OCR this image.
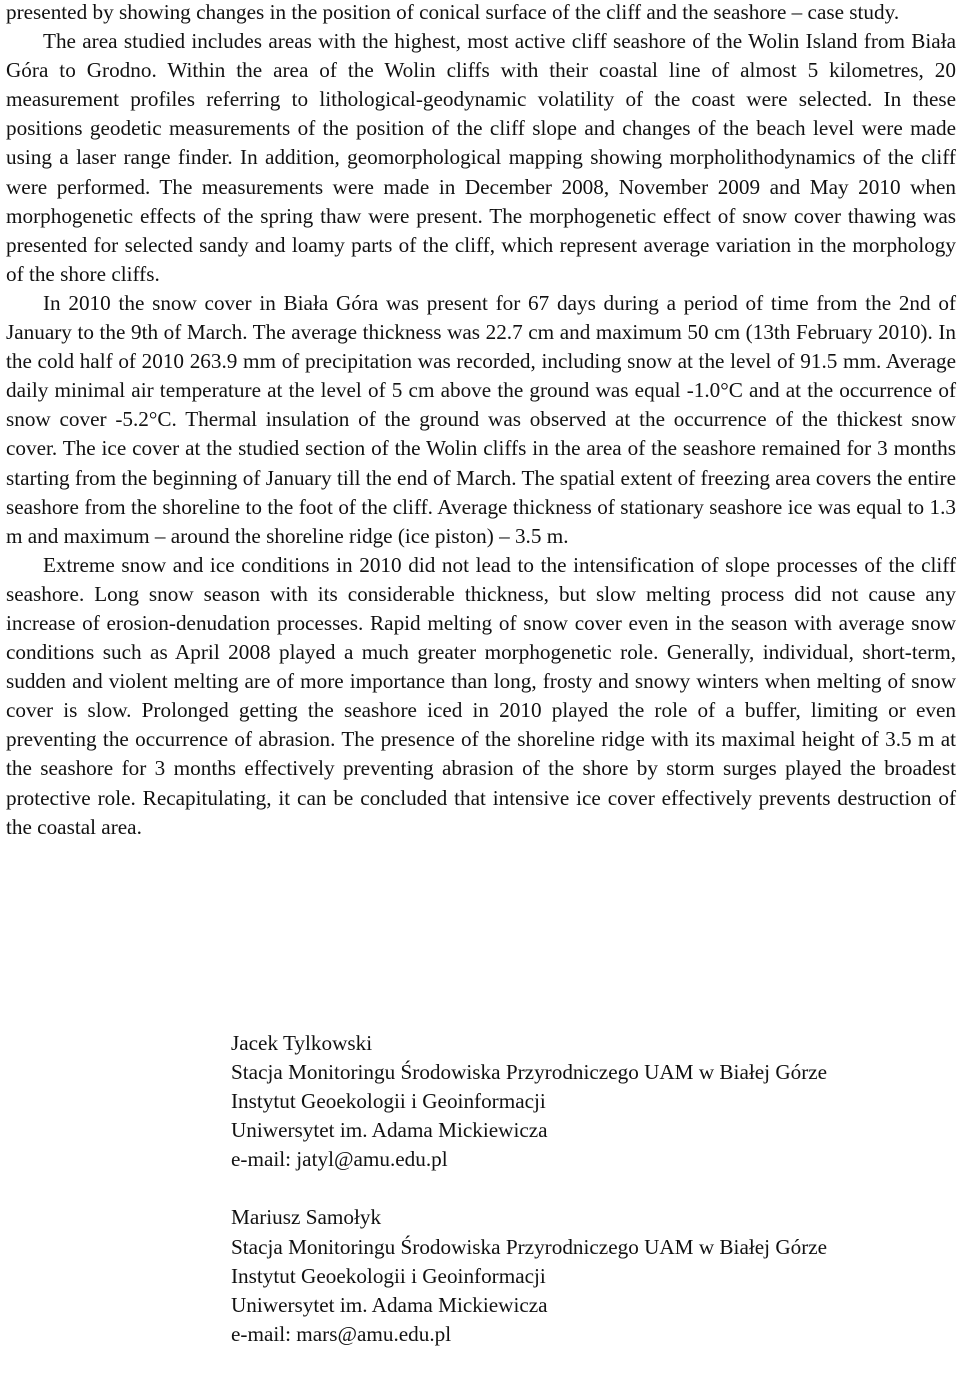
presented by showing changes in the position of conical surface of the cliff and the seashore – case study.

The area studied includes areas with the highest, most active cliff seashore of the Wolin Island from Biała Góra to Grodno. Within the area of the Wolin cliffs with their coastal line of almost 5 kilometres, 20 measurement profiles referring to lithological-geodynamic volatility of the coast were selected. In these positions geodetic measurements of the position of the cliff slope and changes of the beach level were made using a laser range finder. In addition, geomorphological mapping showing morpholithodynamics of the cliff were performed. The measurements were made in December 2008, November 2009 and May 2010 when morphogenetic effects of the spring thaw were present. The morphogenetic effect of snow cover thawing was presented for selected sandy and loamy parts of the cliff, which represent average variation in the morphology of the shore cliffs.

In 2010 the snow cover in Biała Góra was present for 67 days during a period of time from the 2nd of January to the 9th of March. The average thickness was 22.7 cm and maximum 50 cm (13th February 2010). In the cold half of 2010 263.9 mm of precipitation was recorded, including snow at the level of 91.5 mm. Average daily minimal air temperature at the level of 5 cm above the ground was equal -1.0°C and at the occurrence of snow cover -5.2°C. Thermal insulation of the ground was observed at the occurrence of the thickest snow cover. The ice cover at the studied section of the Wolin cliffs in the area of the seashore remained for 3 months starting from the beginning of January till the end of March. The spatial extent of freezing area covers the entire seashore from the shoreline to the foot of the cliff. Average thickness of stationary seashore ice was equal to 1.3 m and maximum – around the shoreline ridge (ice piston) – 3.5 m.

Extreme snow and ice conditions in 2010 did not lead to the intensification of slope processes of the cliff seashore. Long snow season with its considerable thickness, but slow melting process did not cause any increase of erosion-denudation processes. Rapid melting of snow cover even in the season with average snow conditions such as April 2008 played a much greater morphogenetic role. Generally, individual, short-term, sudden and violent melting are of more importance than long, frosty and snowy winters when melting of snow cover is slow. Prolonged getting the seashore iced in 2010 played the role of a buffer, limiting or even preventing the occurrence of abrasion. The presence of the shoreline ridge with its maximal height of 3.5 m at the seashore for 3 months effectively preventing abrasion of the shore by storm surges played the broadest protective role. Recapitulating, it can be concluded that intensive ice cover effectively prevents destruction of the coastal area.

Jacek Tylkowski
Stacja Monitoringu Środowiska Przyrodniczego UAM w Białej Górze
Instytut Geoekologii i Geoinformacji
Uniwersytet im. Adama Mickiewicza
e-mail: jatyl@amu.edu.pl
Mariusz Samołyk
Stacja Monitoringu Środowiska Przyrodniczego UAM w Białej Górze
Instytut Geoekologii i Geoinformacji
Uniwersytet im. Adama Mickiewicza
e-mail: mars@amu.edu.pl
